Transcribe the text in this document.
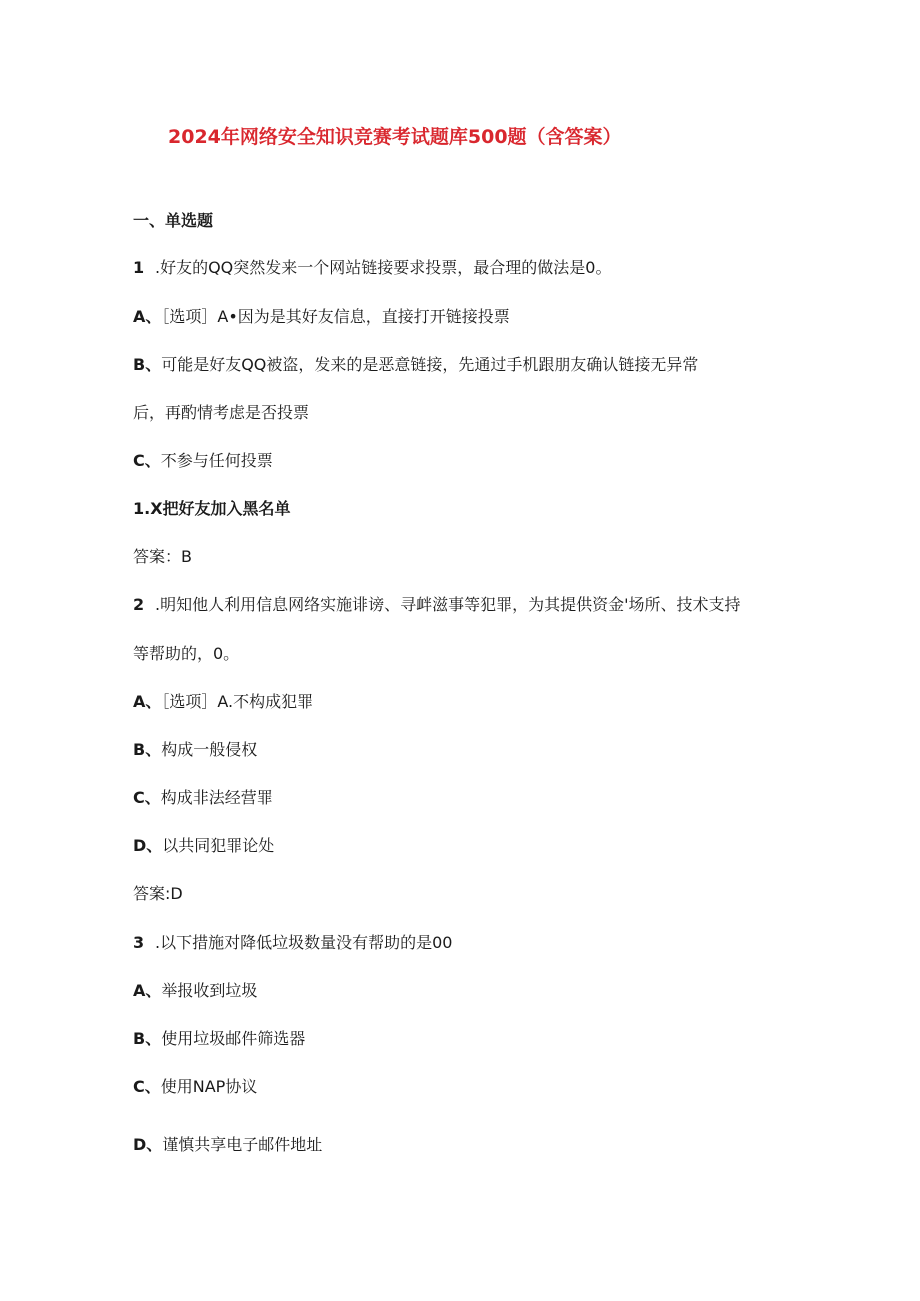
2024年网络安全知识竞赛考试题库500题（含答案）
一、单选题
1 .好友的QQ突然发来一个网站链接要求投票，最合理的做法是0。
A、［选项］A•因为是其好友信息，直接打开链接投票
B、可能是好友QQ被盗，发来的是恶意链接，先通过手机跟朋友确认链接无异常
后，再酌情考虑是否投票
C、不参与任何投票
1.X把好友加入黑名单
答案：B
2 .明知他人利用信息网络实施诽谤、寻衅滋事等犯罪，为其提供资金'场所、技术支持
等帮助的，0。
A、［选项］A.不构成犯罪
B、构成一般侵权
C、构成非法经营罪
D、以共同犯罪论处
答案:D
3 .以下措施对降低垃圾数量没有帮助的是00
A、举报收到垃圾
B、使用垃圾邮件筛选器
C、使用NAP协议
D、谨慎共享电子邮件地址
